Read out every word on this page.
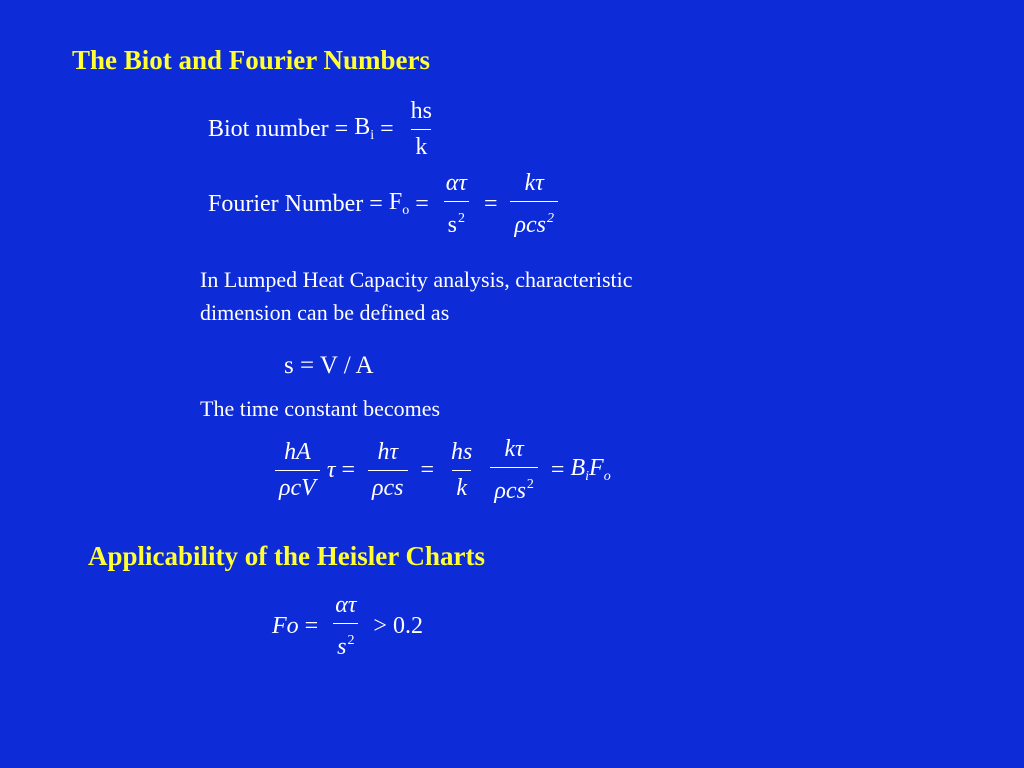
The Biot and Fourier Numbers
Biot number = $B_i = \frac{hs}{k}$
Fourier Number = $F_o = \frac{\alpha\tau}{s^2} = \frac{k\tau}{\rho cs^2}$
In Lumped Heat Capacity analysis, characteristic
dimension can be defined as
s = V / A
The time constant becomes
$\frac{hA}{\text{ρcV}}$ $\tau = \frac{h\tau}{\text{ρcs}} = \frac{hs}{k} \frac{k\tau}{\rho cs^2} = B_iF_o$
Applicability of the Heisler Charts
$Fo = \frac{\alpha\tau}{s^2} > 0.2$
